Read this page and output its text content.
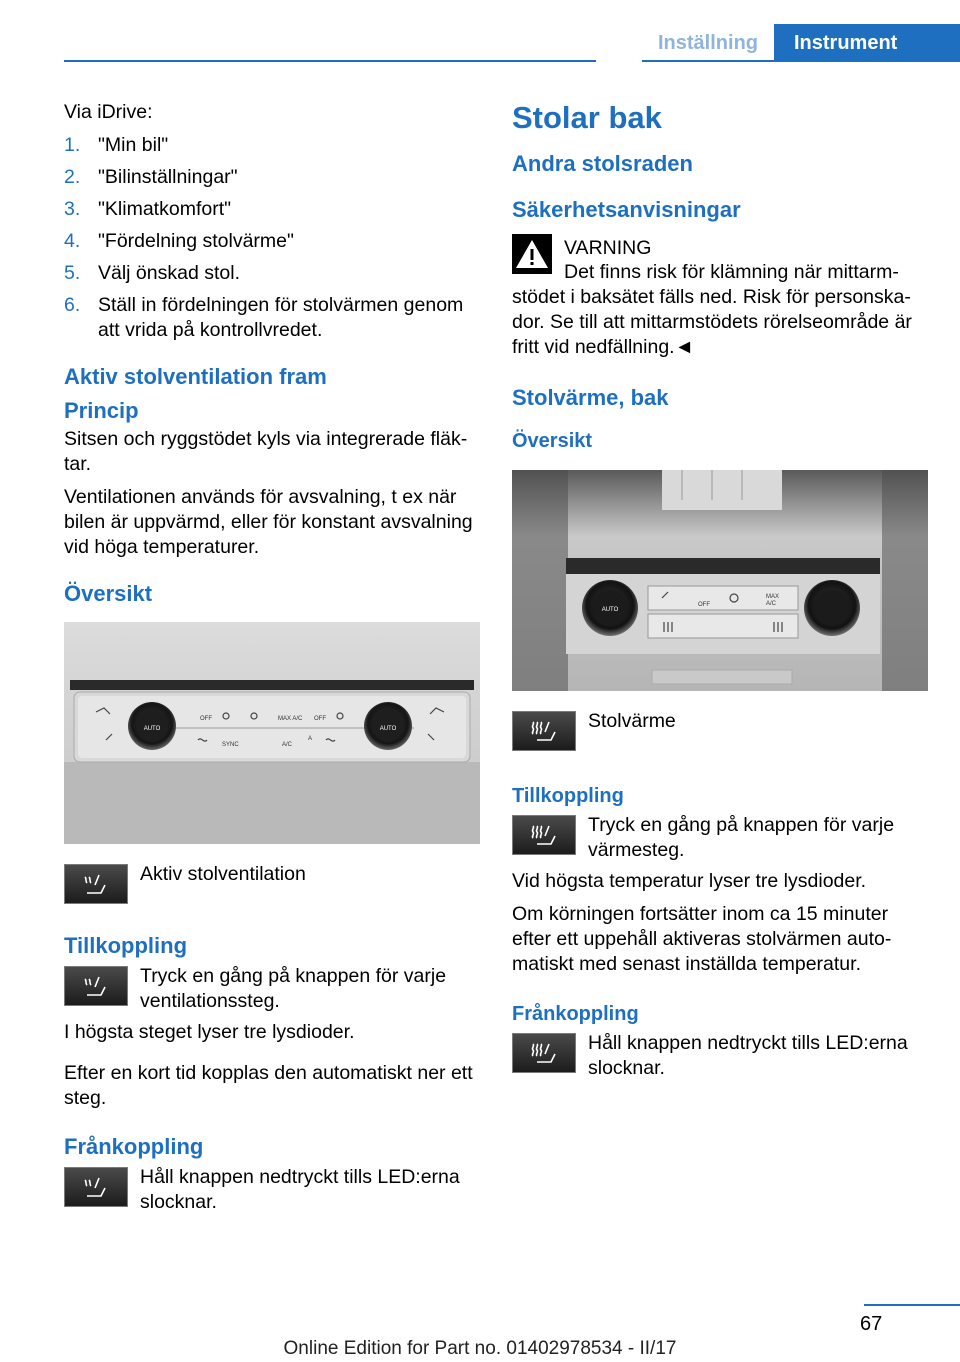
Inställning	Instrument

Via iDrive:

1. "Min bil"
2. "Bilinställningar"
3. "Klimatkomfort"
4. "Fördelning stolvärme"
5. Välj önskad stol.
6. Ställ in fördelningen för stolvärmen genom att vrida på kontrollvredet.
Aktiv stolventilation fram
Princip

Sitsen och ryggstödet kyls via integrerade fläktar.

Ventilationen används för avsvalning, t ex när bilen är uppvärmd, eller för konstant avsvalning vid höga temperaturer.

Översikt
AUTO	AUTO
OFF	MAX A/C OFF
SYNC	A/C
A
Aktiv stolventilation
Tillkoppling
Tryck en gång på knappen för varje ventilationssteg.

I högsta steget lyser tre lysdioder.

Efter en kort tid kopplas den automatiskt ner ett steg.

Frånkoppling
Håll knappen nedtryckt tills LED:erna slocknar.
Stolar bak
Andra stolsraden
Säkerhetsanvisningar
VARNING

Det finns risk för klämning när mittarmstödet i baksätet fälls ned. Risk för personskador. Se till att mittarmstödets rörelseområde är fritt vid nedfällning.◄

Stolvärme, bak
Översikt
AUTO
OFF
MAX
A/C
Stolvärme
Tillkoppling
Tryck en gång på knappen för varje värmesteg.

Vid högsta temperatur lyser tre lysdioder.

Om körningen fortsätter inom ca 15 minuter efter ett uppehåll aktiveras stolvärmen automatiskt med senast inställda temperatur.

Frånkoppling
Håll knappen nedtryckt tills LED:erna slocknar.
67
Online Edition for Part no. 01402978534 - II/17
